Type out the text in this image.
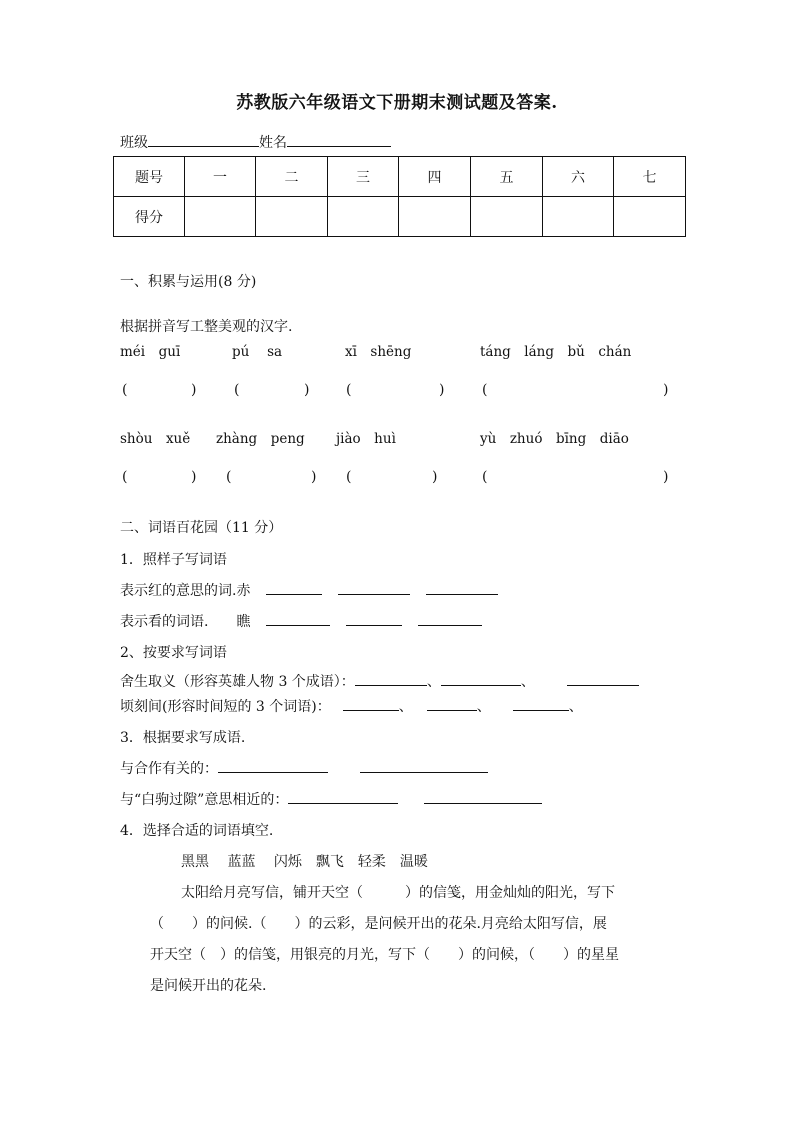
苏教版六年级语文下册期末测试题及答案.
班级	姓名
题号	一	二	三	四	五	六	七
得分							
一、积累与运用(8 分)
根据拼音写工整美观的汉字.
méi　guī	pú　 sa	xī　shēng	táng　láng　bǔ　chán
(	)	(	)	(	)	(	)
shòu　xuě zhàng　peng jiào　huì	yù　zhuó　bīng　diāo
(	) (	) (	)	(	)
二、词语百花园（11 分）
1．照样子写词语
表示红的意思的词.赤
表示看的词语.　　瞧
2、按要求写词语
舍生取义（形容英雄人物 3 个成语）：	、	、
顷刻间(形容时间短的 3 个词语)：	、	、	、
3．根据要求写成语.
与合作有关的：
与“白驹过隙”意思相近的：
4．选择合适的词语填空.
黑黑　 蓝蓝　 闪烁　飘飞　轻柔　温暖
太阳给月亮写信，铺开天空（　　　）的信笺，用金灿灿的阳光，写下
（　　）的问候.（　　）的云彩，是问候开出的花朵.月亮给太阳写信，展
开天空（　）的信笺，用银亮的月光，写下（　　）的问候，（　　）的星星
是问候开出的花朵.
